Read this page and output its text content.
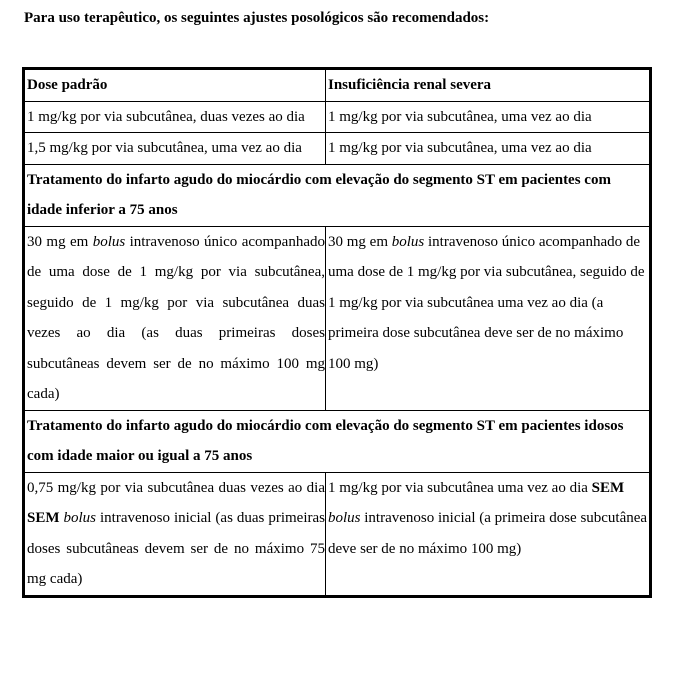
Para uso terapêutico, os seguintes ajustes posológicos são recomendados:
Dose padrão	Insuficiência renal severa
1 mg/kg por via subcutânea, duas vezes ao dia	1 mg/kg por via subcutânea, uma vez ao dia
1,5 mg/kg por via subcutânea, uma vez ao dia	1 mg/kg por via subcutânea, uma vez ao dia
Tratamento do infarto agudo do miocárdio com elevação do segmento ST em pacientes com idade inferior a 75 anos	
30 mg em bolus intravenoso único acompanhado de uma dose de 1 mg/kg por via subcutânea, seguido de 1 mg/kg por via subcutânea duas vezes ao dia (as duas primeiras doses subcutâneas devem ser de no máximo 100 mg cada)	30 mg em bolus intravenoso único acompanhado de uma dose de 1 mg/kg por via subcutânea, seguido de 1 mg/kg por via subcutânea uma vez ao dia (a primeira dose subcutânea deve ser de no máximo 100 mg)
Tratamento do infarto agudo do miocárdio com elevação do segmento ST em pacientes idosos com idade maior ou igual a 75 anos	
0,75 mg/kg por via subcutânea duas vezes ao dia SEM bolus intravenoso inicial (as duas primeiras doses subcutâneas devem ser de no máximo 75 mg cada)	1 mg/kg por via subcutânea uma vez ao dia SEM bolus intravenoso inicial (a primeira dose subcutânea deve ser de no máximo 100 mg)
